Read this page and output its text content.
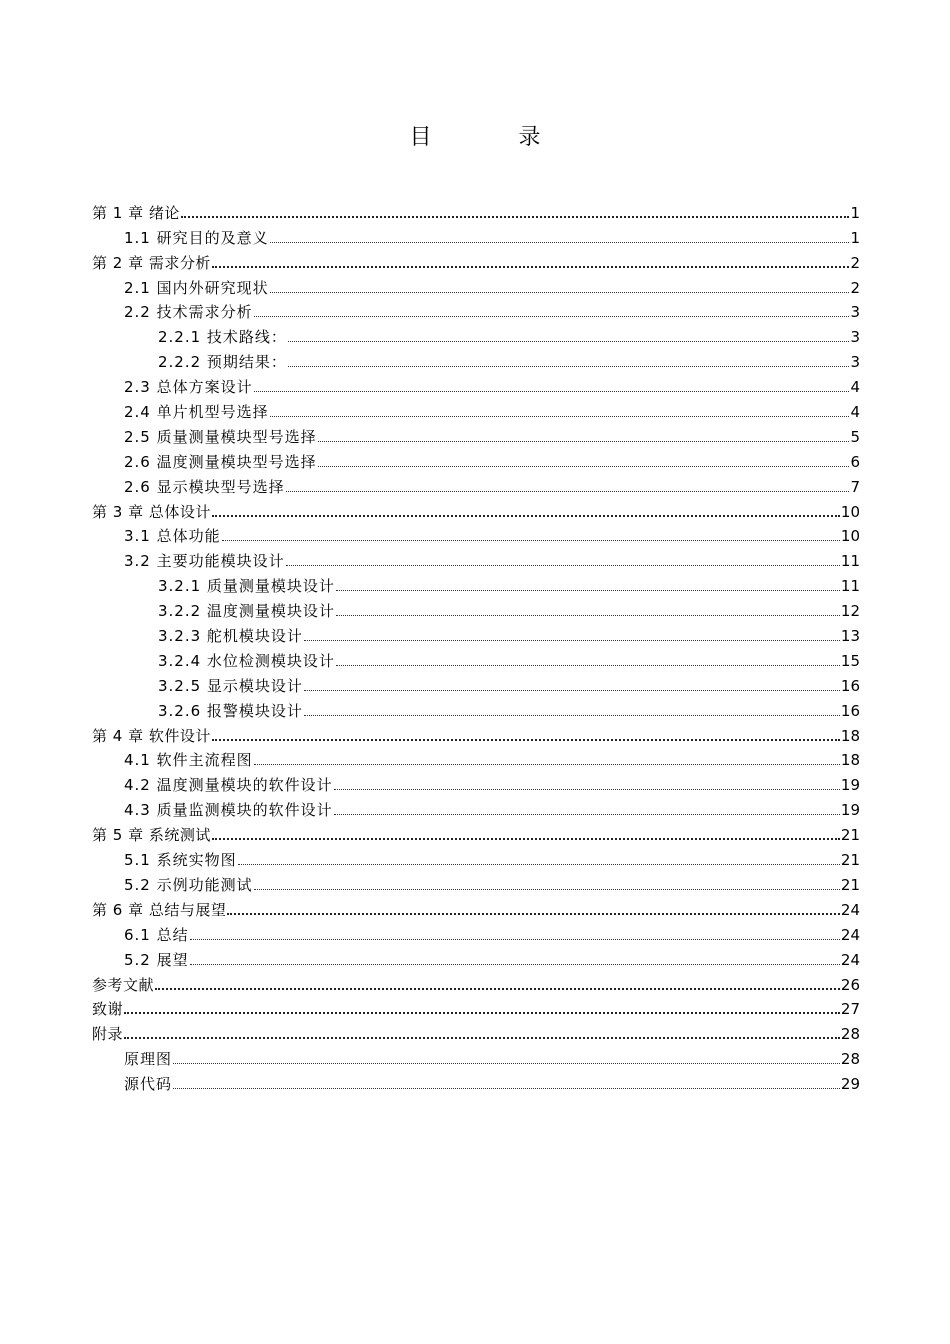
目 录
第 1 章 绪论	1
1.1 研究目的及意义	1
第 2 章 需求分析	2
2.1 国内外研究现状	2
2.2 技术需求分析	3
2.2.1 技术路线：	3
2.2.2 预期结果：	3
2.3 总体方案设计	4
2.4 单片机型号选择	4
2.5 质量测量模块型号选择	5
2.6 温度测量模块型号选择	6
2.6 显示模块型号选择	7
第 3 章 总体设计	10
3.1 总体功能	10
3.2 主要功能模块设计	11
3.2.1 质量测量模块设计	11
3.2.2 温度测量模块设计	12
3.2.3 舵机模块设计	13
3.2.4 水位检测模块设计	15
3.2.5 显示模块设计	16
3.2.6 报警模块设计	16
第 4 章 软件设计	18
4.1 软件主流程图	18
4.2 温度测量模块的软件设计	19
4.3 质量监测模块的软件设计	19
第 5 章 系统测试	21
5.1 系统实物图	21
5.2 示例功能测试	21
第 6 章 总结与展望	24
6.1 总结	24
5.2 展望	24
参考文献	26
致谢	27
附录	28
原理图	28
源代码	29
